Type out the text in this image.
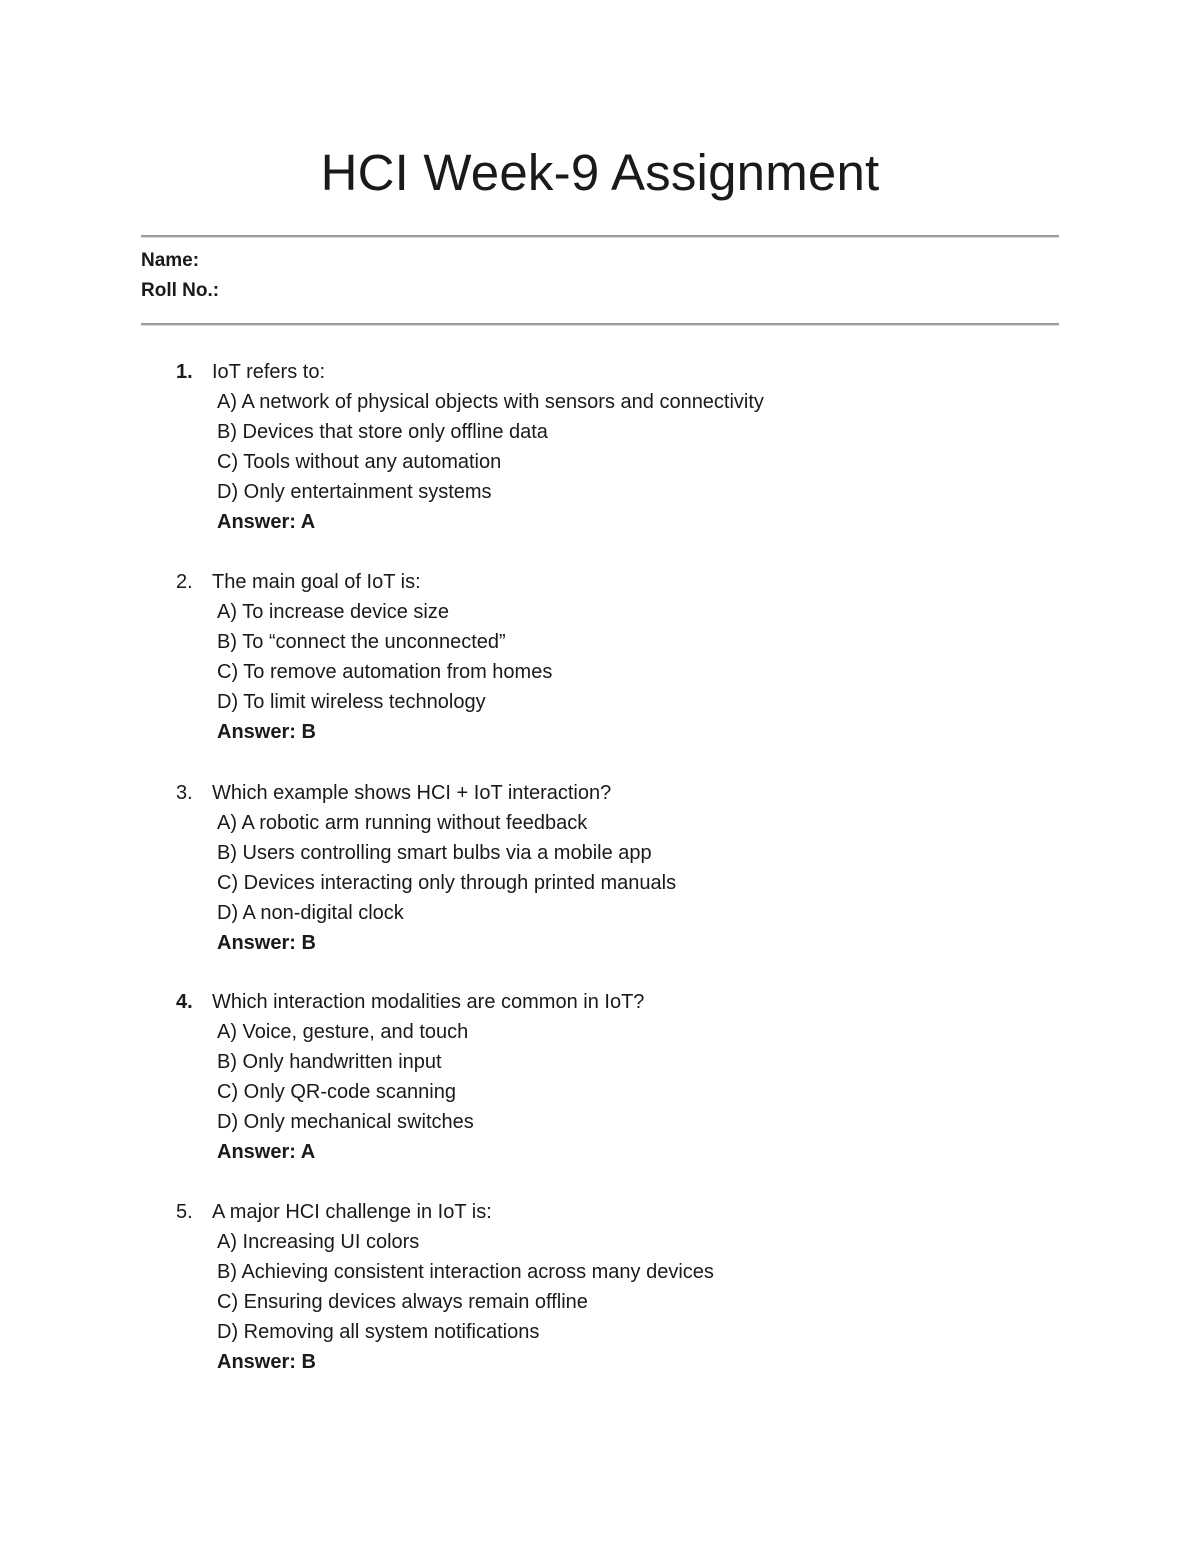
HCI Week-9 Assignment
Name:
Roll No.:
1. IoT refers to:
A) A network of physical objects with sensors and connectivity
B) Devices that store only offline data
C) Tools without any automation
D) Only entertainment systems
Answer: A
2. The main goal of IoT is:
A) To increase device size
B) To “connect the unconnected”
C) To remove automation from homes
D) To limit wireless technology
Answer: B
3. Which example shows HCI + IoT interaction?
A) A robotic arm running without feedback
B) Users controlling smart bulbs via a mobile app
C) Devices interacting only through printed manuals
D) A non-digital clock
Answer: B
4. Which interaction modalities are common in IoT?
A) Voice, gesture, and touch
B) Only handwritten input
C) Only QR-code scanning
D) Only mechanical switches
Answer: A
5. A major HCI challenge in IoT is:
A) Increasing UI colors
B) Achieving consistent interaction across many devices
C) Ensuring devices always remain offline
D) Removing all system notifications
Answer: B
